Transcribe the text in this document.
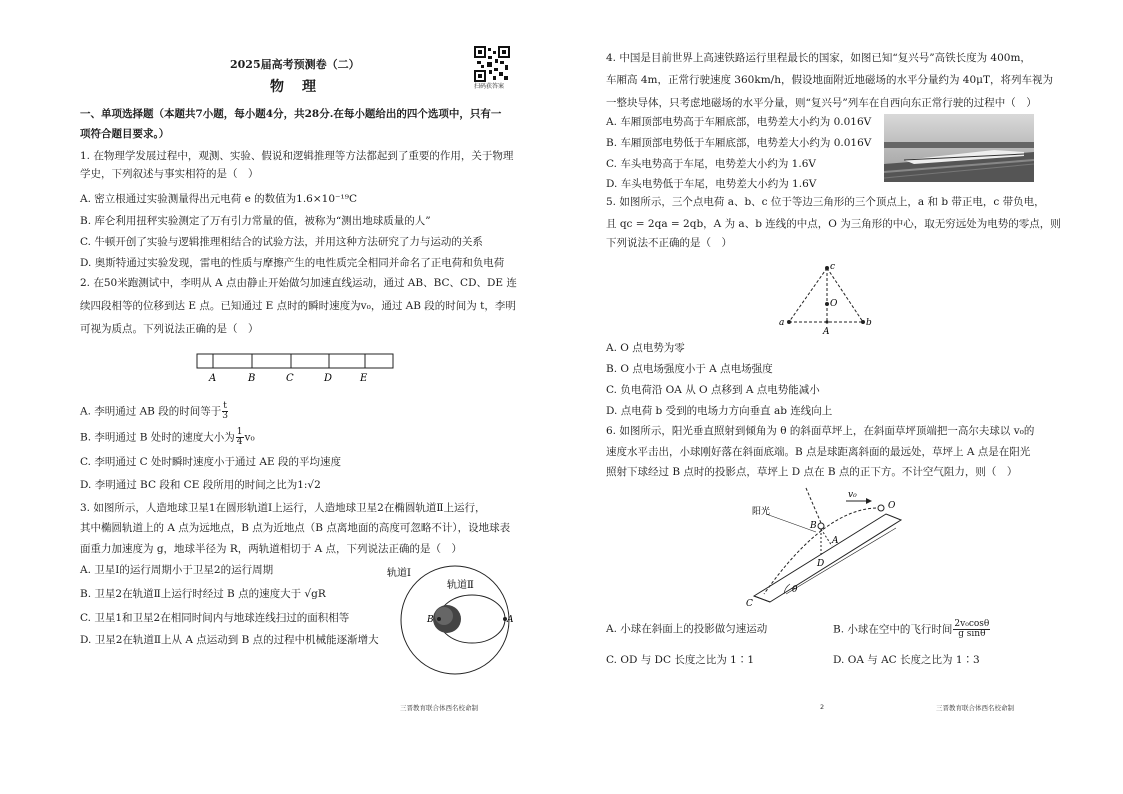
2025届高考预测卷（二）
物　理	扫码获答案
一、单项选择题（本题共7小题，每小题4分，共28分.在每小题给出的四个选项中，只有一
项符合题目要求。）
1. 在物理学发展过程中，观测、实验、假说和逻辑推理等方法都起到了重要的作用，关于物理
学史，下列叙述与事实相符的是（　）
A. 密立根通过实验测量得出元电荷 e 的数值为1.6×10⁻¹⁹C
B. 库仑利用扭秤实验测定了万有引力常量的值，被称为“测出地球质量的人”
C. 牛顿开创了实验与逻辑推理相结合的试验方法，并用这种方法研究了力与运动的关系
D. 奥斯特通过实验发现，雷电的性质与摩擦产生的电性质完全相同并命名了正电荷和负电荷
2. 在50米跑测试中，李明从 A 点由静止开始做匀加速直线运动，通过 AB、BC、CD、DE 连
续四段相等的位移到达 E 点。已知通过 E 点时的瞬时速度为v₀，通过 AB 段的时间为 t，李明
可视为质点。下列说法正确的是（　）
A	B	C	D	E
A. 李明通过 AB 段的时间等于 $\frac{t}{3}$
B. 李明通过 B 处时的速度大小为 $\frac{1}{4} v_0$
C. 李明通过 C 处时瞬时速度小于通过 AE 段的平均速度
D. 李明通过 BC 段和 CE 段所用的时间之比为1:√2
3. 如图所示，人造地球卫星1在圆形轨道Ⅰ上运行，人造地球卫星2在椭圆轨道Ⅱ上运行，
其中椭圆轨道上的 A 点为远地点，B 点为近地点（B 点离地面的高度可忽略不计），设地球表
面重力加速度为 g，地球半径为 R，两轨道相切于 A 点，下列说法正确的是（　）
A. 卫星Ⅰ的运行周期小于卫星2的运行周期
B. 卫星2在轨道Ⅱ上运行时经过 B 点的速度大于 √gR
C. 卫星1和卫星2在相同时间内与地球连线扫过的面积相等
D. 卫星2在轨道Ⅱ上从 A 点运动到 B 点的过程中机械能逐渐增大
轨道Ⅰ
轨道Ⅱ
A
B
三晋教育联合体西名校命制
4. 中国是目前世界上高速铁路运行里程最长的国家，如图已知“复兴号”高铁长度为 400m，
车厢高 4m，正常行驶速度 360km/h，假设地面附近地磁场的水平分量约为 40μT，将列车视为
一整块导体，只考虑地磁场的水平分量，则“复兴号”列车在自西向东正常行驶的过程中（　）
A. 车厢顶部电势高于车厢底部，电势差大小约为 0.016V
B. 车厢顶部电势低于车厢底部，电势差大小约为 0.016V
C. 车头电势高于车尾，电势差大小约为 1.6V
D. 车头电势低于车尾，电势差大小约为 1.6V
5. 如图所示，三个点电荷 a、b、c 位于等边三角形的三个顶点上，a 和 b 带正电，c 带负电，
且 qc = 2qa = 2qb，A 为 a、b 连线的中点，O 为三角形的中心，取无穷远处为电势的零点，则
下列说法不正确的是（　）
c
O
a
A
b
A. O 点电势为零
B. O 点电场强度小于 A 点电场强度
C. 负电荷沿 OA 从 O 点移到 A 点电势能减小
D. 点电荷 b 受到的电场力方向垂直 ab 连线向上
6. 如图所示，阳光垂直照射到倾角为 θ 的斜面草坪上，在斜面草坪顶端把一高尔夫球以 v₀的
速度水平击出，小球刚好落在斜面底端。B 点是球距离斜面的最远处，草坪上 A 点是在阳光
照射下球经过 B 点时的投影点，草坪上 D 点在 B 点的正下方。不计空气阻力，则（　）
v₀
O
阳光
B
A
D
C
θ
A. 小球在斜面上的投影做匀速运动	B. 小球在空中的飞行时间 $\frac{\text{2v₀cosθ}}{\text{g sinθ}}$
C. OD 与 DC 长度之比为 1∶1	D. OA 与 AC 长度之比为 1∶3
2	三晋教育联合体西名校命制
